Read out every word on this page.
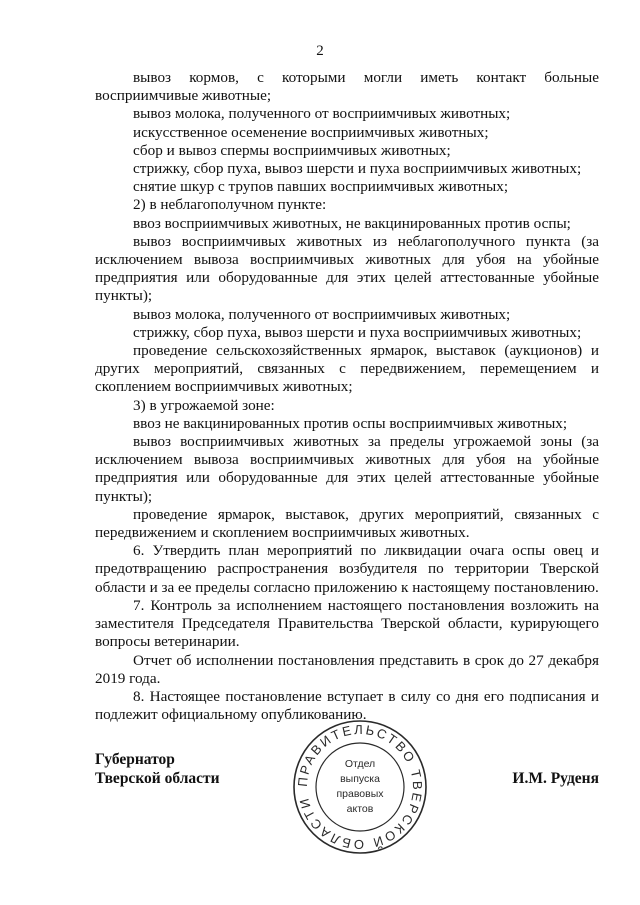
2

вывоз кормов, с которыми могли иметь контакт больные восприимчивые животные;

вывоз молока, полученного от восприимчивых животных;

искусственное осеменение восприимчивых животных;

сбор и вывоз спермы восприимчивых животных;

стрижку, сбор пуха, вывоз шерсти и пуха восприимчивых животных;

снятие шкур с трупов павших восприимчивых животных;

2) в неблагополучном пункте:

ввоз восприимчивых животных, не вакцинированных против оспы;

вывоз восприимчивых животных из неблагополучного пункта (за исключением вывоза восприимчивых животных для убоя на убойные предприятия или оборудованные для этих целей аттестованные убойные пункты);

вывоз молока, полученного от восприимчивых животных;

стрижку, сбор пуха, вывоз шерсти и пуха восприимчивых животных;

проведение сельскохозяйственных ярмарок, выставок (аукционов) и других мероприятий, связанных с передвижением, перемещением и скоплением восприимчивых животных;

3) в угрожаемой зоне:

ввоз не вакцинированных против оспы восприимчивых животных;

вывоз восприимчивых животных за пределы угрожаемой зоны (за исключением вывоза восприимчивых животных для убоя на убойные предприятия или оборудованные для этих целей аттестованные убойные пункты);

проведение ярмарок, выставок, других мероприятий, связанных с передвижением и скоплением восприимчивых животных.

6. Утвердить план мероприятий по ликвидации очага оспы овец и предотвращению распространения возбудителя по территории Тверской области и за ее пределы согласно приложению к настоящему постановлению.

7. Контроль за исполнением настоящего постановления возложить на заместителя Председателя Правительства Тверской области, курирующего вопросы ветеринарии.

Отчет об исполнении постановления представить в срок до 27 декабря 2019 года.

8. Настоящее постановление вступает в силу со дня его подписания и подлежит официальному опубликованию.

Губернатор
Тверской области	ПРАВИТЕЛЬСТВО ТВЕРСКОЙ ОБЛАСТИ
Отдел
выпуска
правовых
актов
И.М. Руденя
